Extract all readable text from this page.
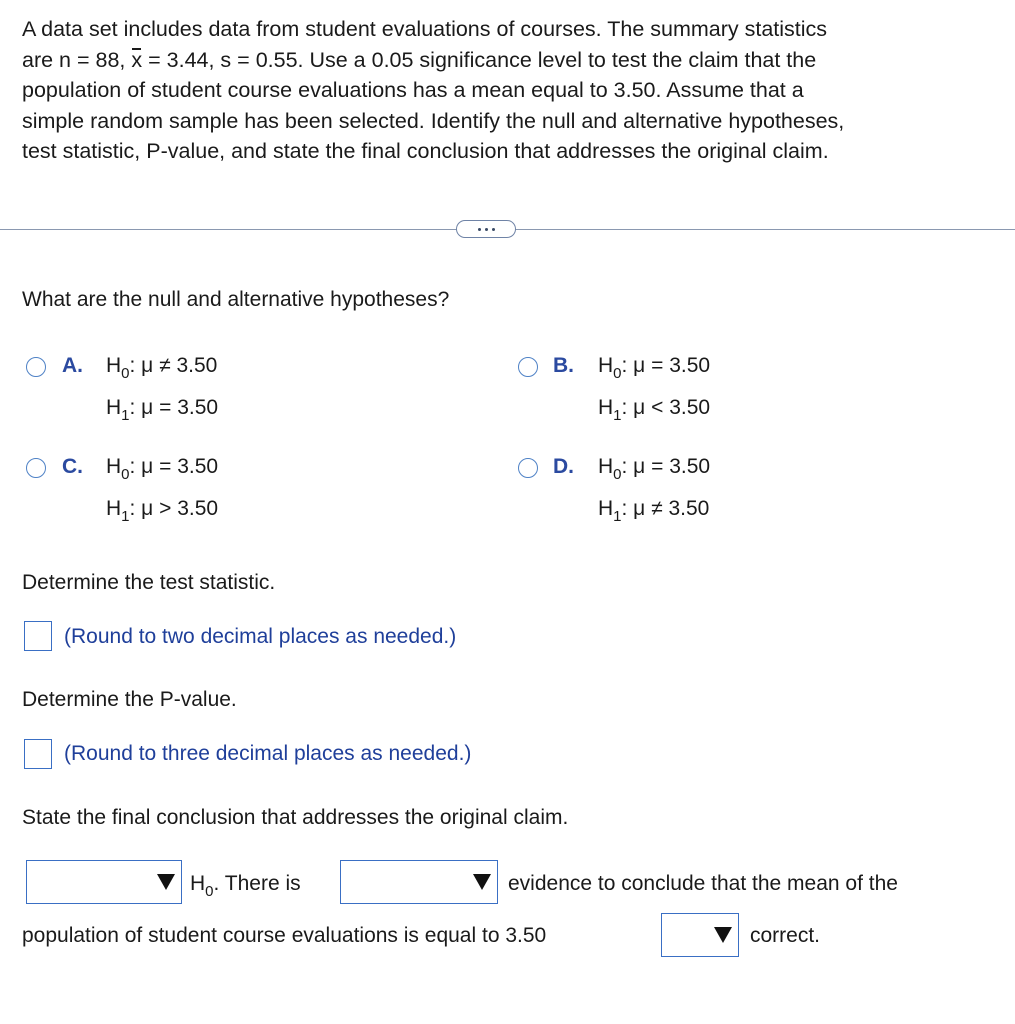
A data set includes data from student evaluations of courses. The summary statistics
are n = 88, x = 3.44, s = 0.55. Use a 0.05 significance level to test the claim that the
population of student course evaluations has a mean equal to 3.50. Assume that a
simple random sample has been selected. Identify the null and alternative hypotheses,
test statistic, P-value, and state the final conclusion that addresses the original claim.
What are the null and alternative hypotheses?
A. $H_0$: μ ≠ 3.50
$H_1$: μ = 3.50
B. $H_0$: μ = 3.50
$H_1$: μ < 3.50
C. $H_0$: μ = 3.50
$H_1$: μ > 3.50
D. $H_0$: μ = 3.50
$H_1$: μ ≠ 3.50
Determine the test statistic.
(Round to two decimal places as needed.)
Determine the P-value.
(Round to three decimal places as needed.)
State the final conclusion that addresses the original claim.
$H_0$. There is	evidence to conclude that the mean of the
population of student course evaluations is equal to 3.50	correct.
